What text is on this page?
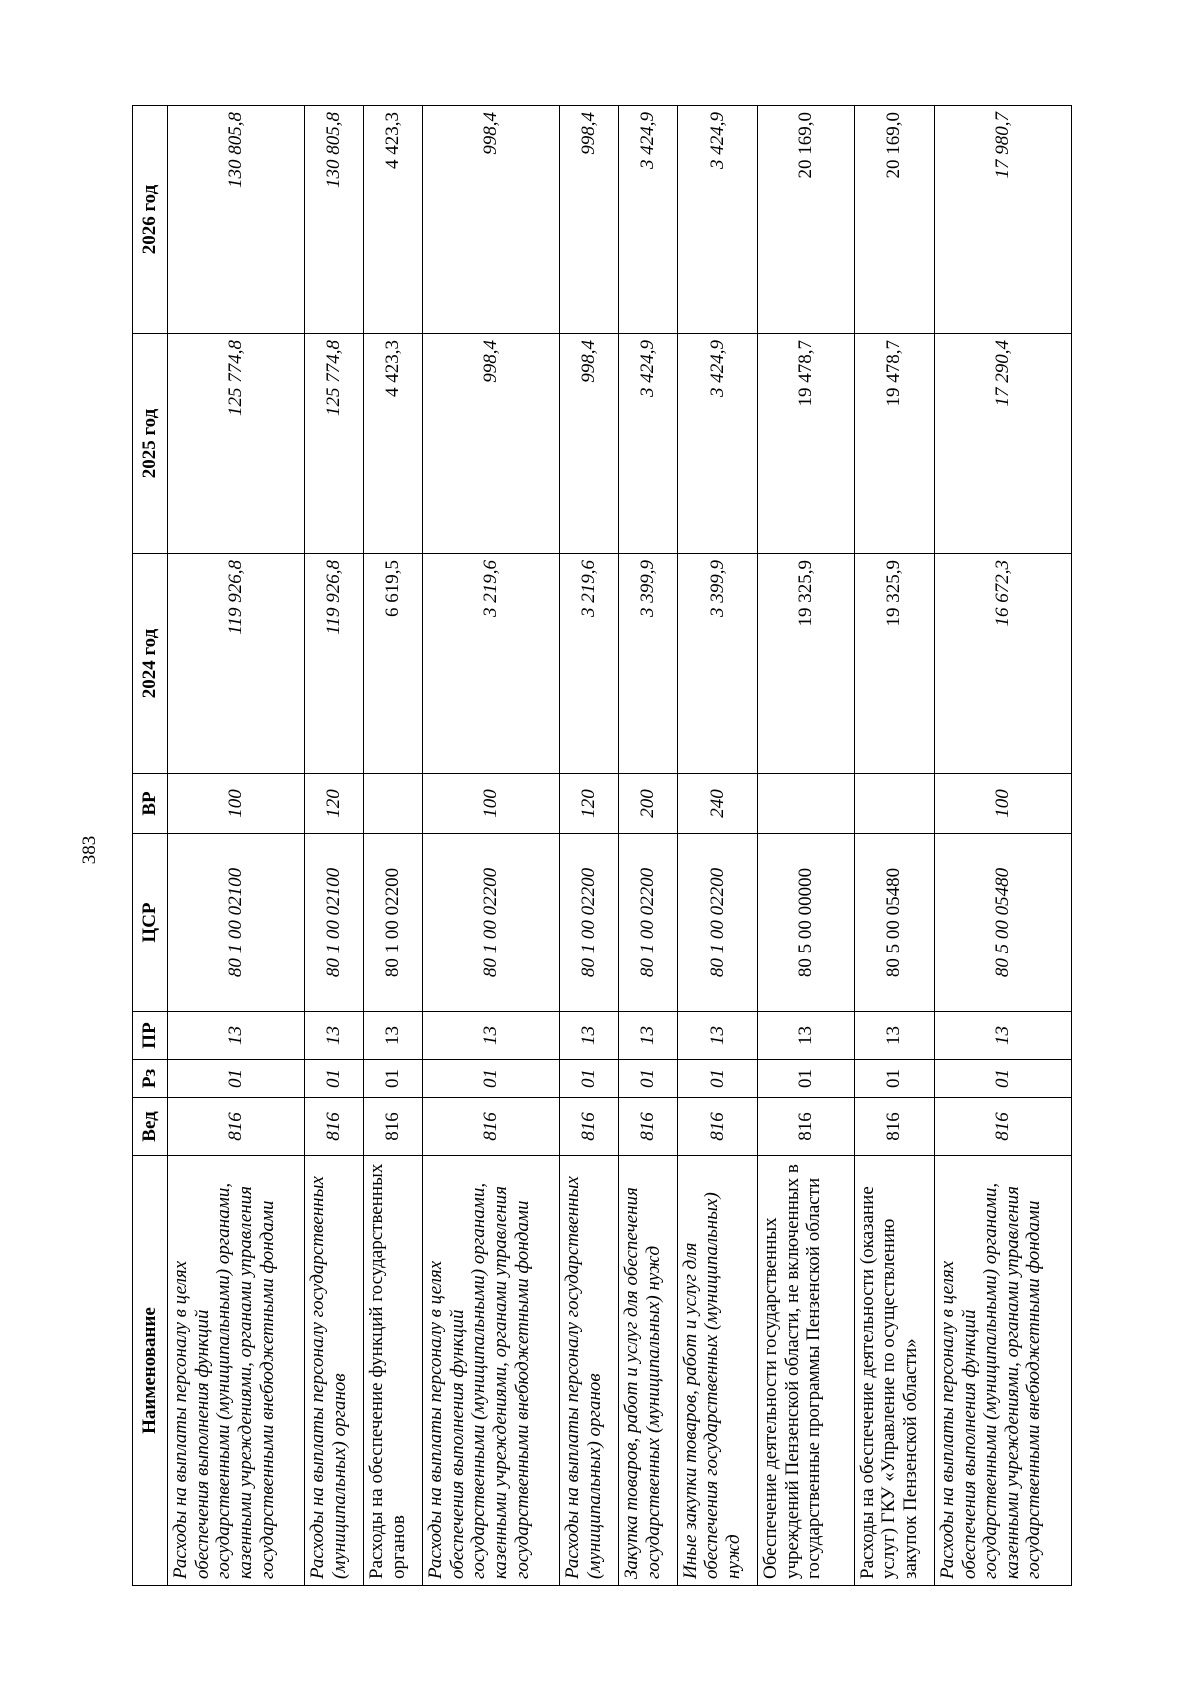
383
Наименование	Вед	Рз	ПР	ЦСР	ВР	2024 год	2025 год	2026 год
Расходы на выплаты персоналу в целях обеспечения выполнения функций государственными (муниципальными) органами, казенными учреждениями, органами управления государственными внебюджетными фондами	816	01	13	80 1 00 02100	100	119 926,8	125 774,8	130 805,8
Расходы на выплаты персоналу государственных (муниципальных) органов	816	01	13	80 1 00 02100	120	119 926,8	125 774,8	130 805,8
Расходы на обеспечение функций государственных органов	816	01	13	80 1 00 02200		6 619,5	4 423,3	4 423,3
Расходы на выплаты персоналу в целях обеспечения выполнения функций государственными (муниципальными) органами, казенными учреждениями, органами управления государственными внебюджетными фондами	816	01	13	80 1 00 02200	100	3 219,6	998,4	998,4
Расходы на выплаты персоналу государственных (муниципальных) органов	816	01	13	80 1 00 02200	120	3 219,6	998,4	998,4
Закупка товаров, работ и услуг для обеспечения государственных (муниципальных) нужд	816	01	13	80 1 00 02200	200	3 399,9	3 424,9	3 424,9
Иные закупки товаров, работ и услуг для обеспечения государственных (муниципальных) нужд	816	01	13	80 1 00 02200	240	3 399,9	3 424,9	3 424,9
Обеспечение деятельности государственных учреждений Пензенской области, не включенных в государственные программы Пензенской области	816	01	13	80 5 00 00000		19 325,9	19 478,7	20 169,0
Расходы на обеспечение деятельности (оказание услуг) ГКУ «Управление по осуществлению закупок Пензенской области»	816	01	13	80 5 00 05480		19 325,9	19 478,7	20 169,0
Расходы на выплаты персоналу в целях обеспечения выполнения функций государственными (муниципальными) органами, казенными учреждениями, органами управления государственными внебюджетными фондами	816	01	13	80 5 00 05480	100	16 672,3	17 290,4	17 980,7
